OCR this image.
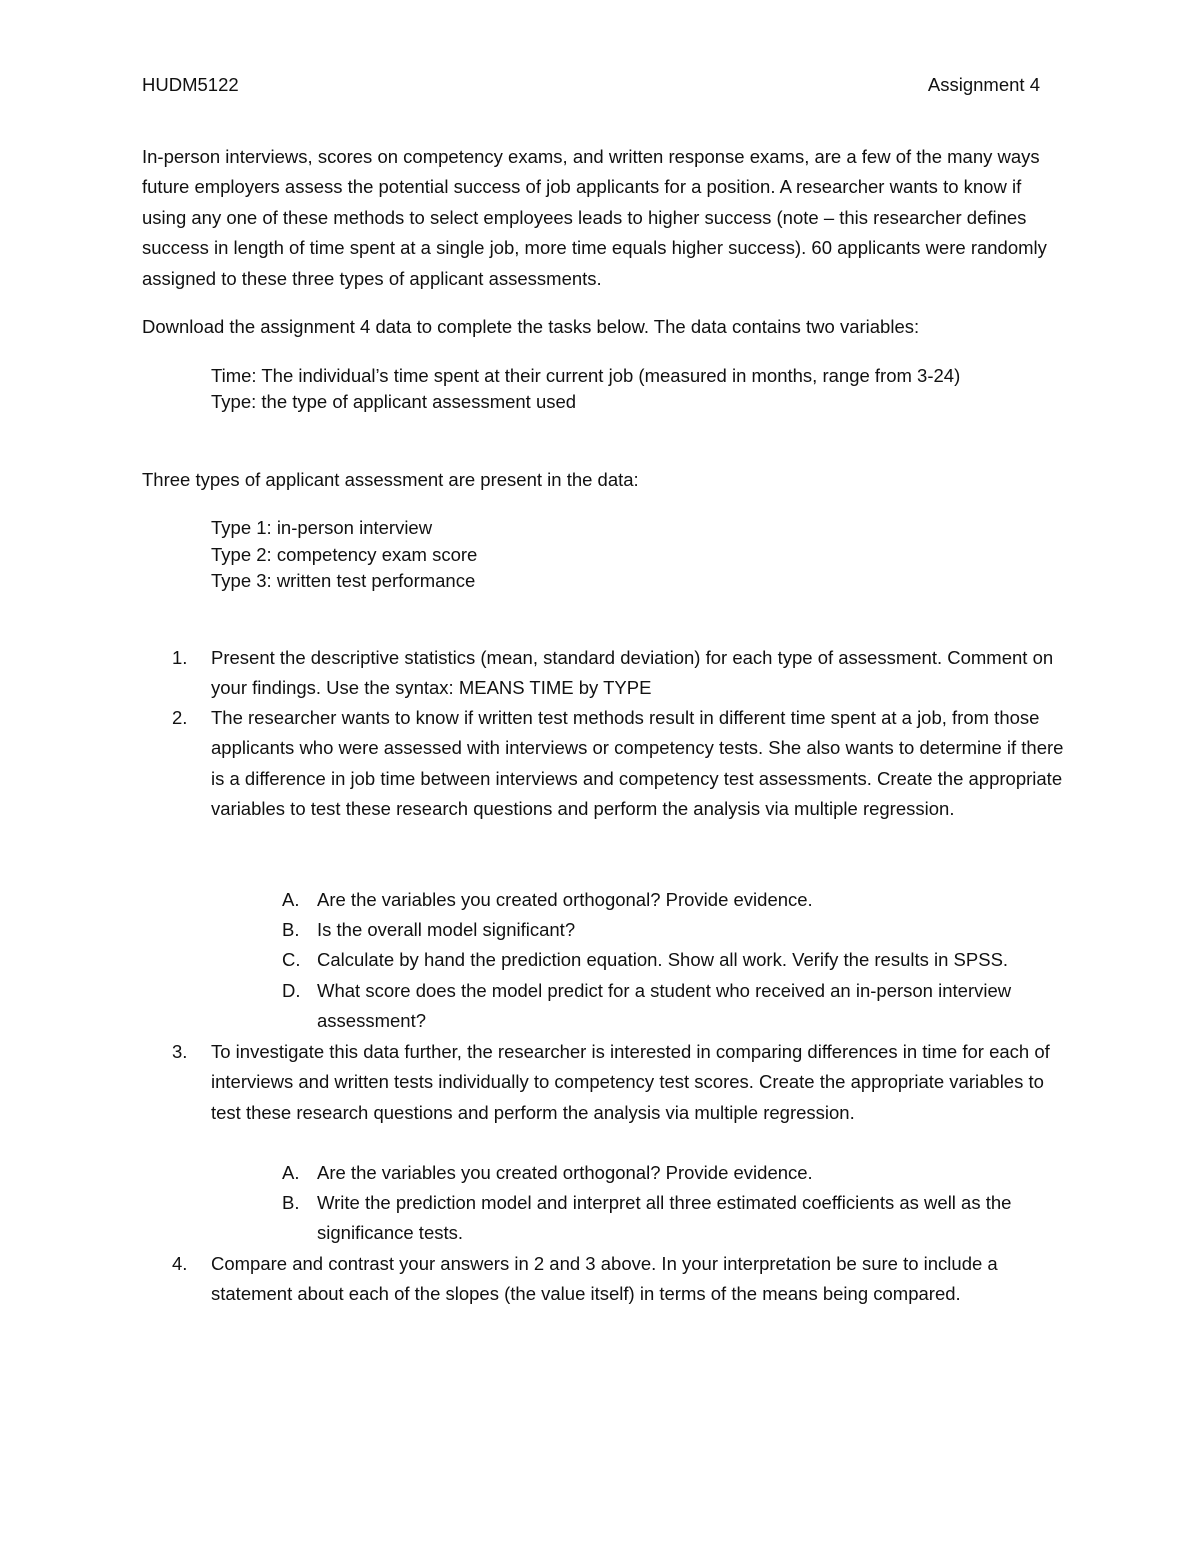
HUDM5122	Assignment 4

In-person interviews, scores on competency exams, and written response exams, are a few of the many ways future employers assess the potential success of job applicants for a position. A researcher wants to know if using any one of these methods to select employees leads to higher success (note – this researcher defines success in length of time spent at a single job, more time equals higher success). 60 applicants were randomly assigned to these three types of applicant assessments.

Download the assignment 4 data to complete the tasks below. The data contains two variables:

Time: The individual’s time spent at their current job (measured in months, range from 3-24)
Type: the type of applicant assessment used

Three types of applicant assessment are present in the data:

Type 1: in-person interview
Type 2: competency exam score
Type 3: written test performance
1. Present the descriptive statistics (mean, standard deviation) for each type of assessment. Comment on your findings. Use the syntax: MEANS TIME by TYPE
2. The researcher wants to know if written test methods result in different time spent at a job, from those applicants who were assessed with interviews or competency tests. She also wants to determine if there is a difference in job time between interviews and competency test assessments. Create the appropriate variables to test these research questions and perform the analysis via multiple regression.
A. Are the variables you created orthogonal? Provide evidence.
B. Is the overall model significant?
C. Calculate by hand the prediction equation. Show all work. Verify the results in SPSS.
D. What score does the model predict for a student who received an in-person interview assessment?
3. To investigate this data further, the researcher is interested in comparing differences in time for each of interviews and written tests individually to competency test scores. Create the appropriate variables to test these research questions and perform the analysis via multiple regression.
A. Are the variables you created orthogonal? Provide evidence.
B. Write the prediction model and interpret all three estimated coefficients as well as the significance tests.
4. Compare and contrast your answers in 2 and 3 above. In your interpretation be sure to include a statement about each of the slopes (the value itself) in terms of the means being compared.
